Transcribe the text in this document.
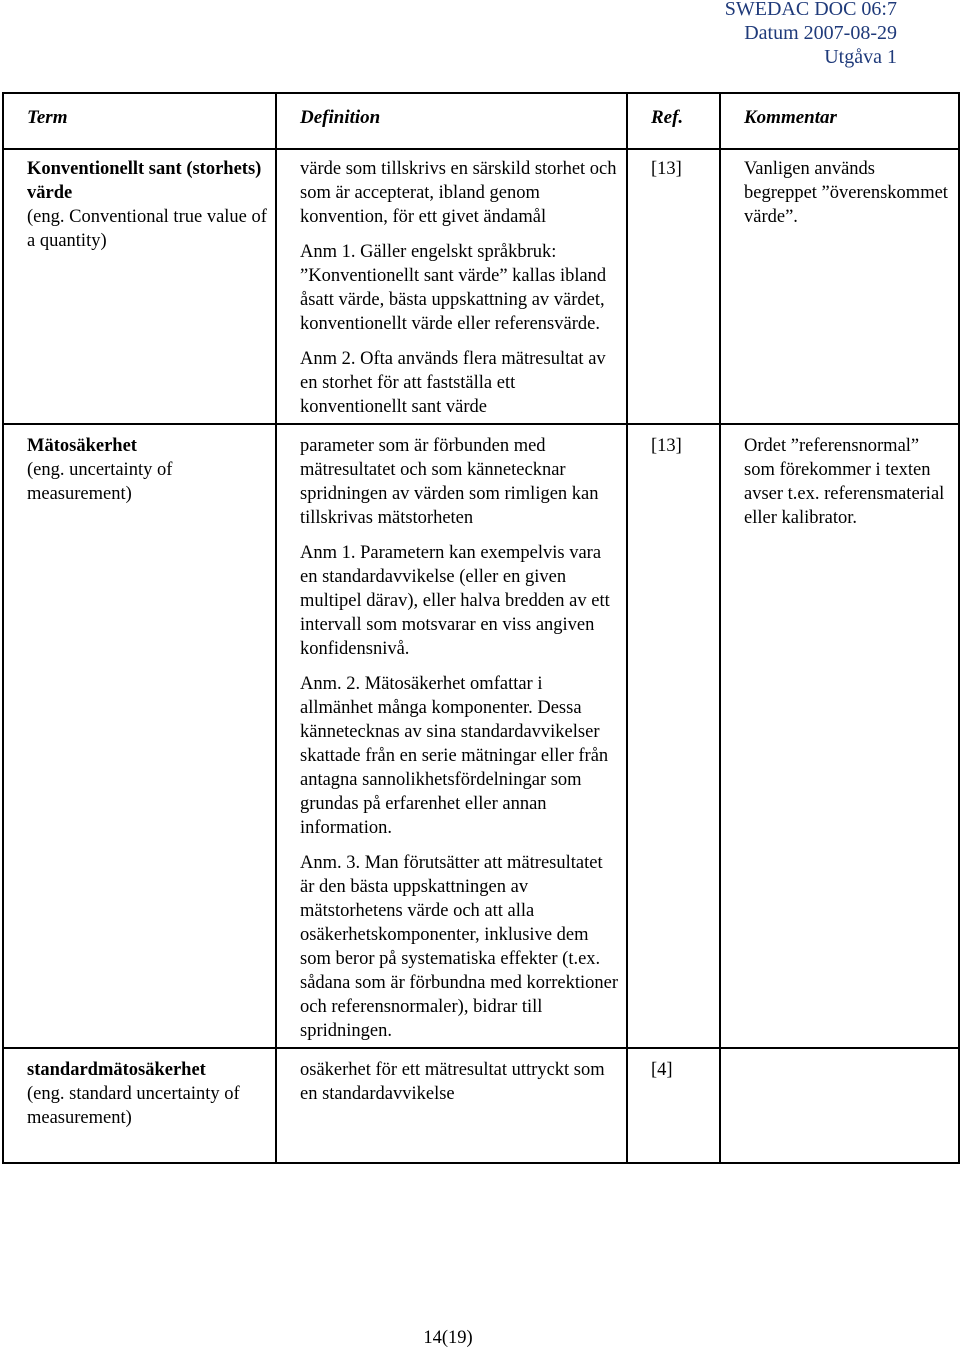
SWEDAC DOC 06:7
Datum 2007-08-29
Utgåva 1
Term	Definition	Ref.	Kommentar

Konventionellt sant (storhets) värde
(eng. Conventional true value of a quantity)	värde som tillskrivs en särskild storhet och som är accepterat, ibland genom konvention, för ett givet ändamål
Anm 1. Gäller engelskt språkbruk: ”Konventionellt sant värde” kallas ibland åsatt värde, bästa uppskattning av värdet, konventionellt värde eller referensvärde.
Anm 2. Ofta används flera mätresultat av en storhet för att fastställa ett konventionellt sant värde	[13]	Vanligen används begreppet ”överenskommet värde”.

Mätosäkerhet
(eng. uncertainty of measurement)	parameter som är förbunden med mätresultatet och som kännetecknar spridningen av värden som rimligen kan tillskrivas mätstorheten
Anm 1. Parametern kan exempelvis vara en standardavvikelse (eller en given multipel därav), eller halva bredden av ett intervall som motsvarar en viss angiven konfidensnivå.
Anm. 2. Mätosäkerhet omfattar i allmänhet många komponenter. Dessa kännetecknas av sina standardavvikelser skattade från en serie mätningar eller från antagna sannolikhetsfördelningar som grundas på erfarenhet eller annan information.
Anm. 3. Man förutsätter att mätresultatet är den bästa uppskattningen av mätstorhetens värde och att alla osäkerhetskomponenter, inklusive dem som beror på systematiska effekter (t.ex. sådana som är förbundna med korrektioner och referensnormaler), bidrar till spridningen.	[13]	Ordet ”referensnormal” som förekommer i texten avser t.ex. referensmaterial eller kalibrator.

standardmätosäkerhet
(eng. standard uncertainty of measurement)	osäkerhet för ett mätresultat uttryckt som en standardavvikelse	[4]	
14(19)
